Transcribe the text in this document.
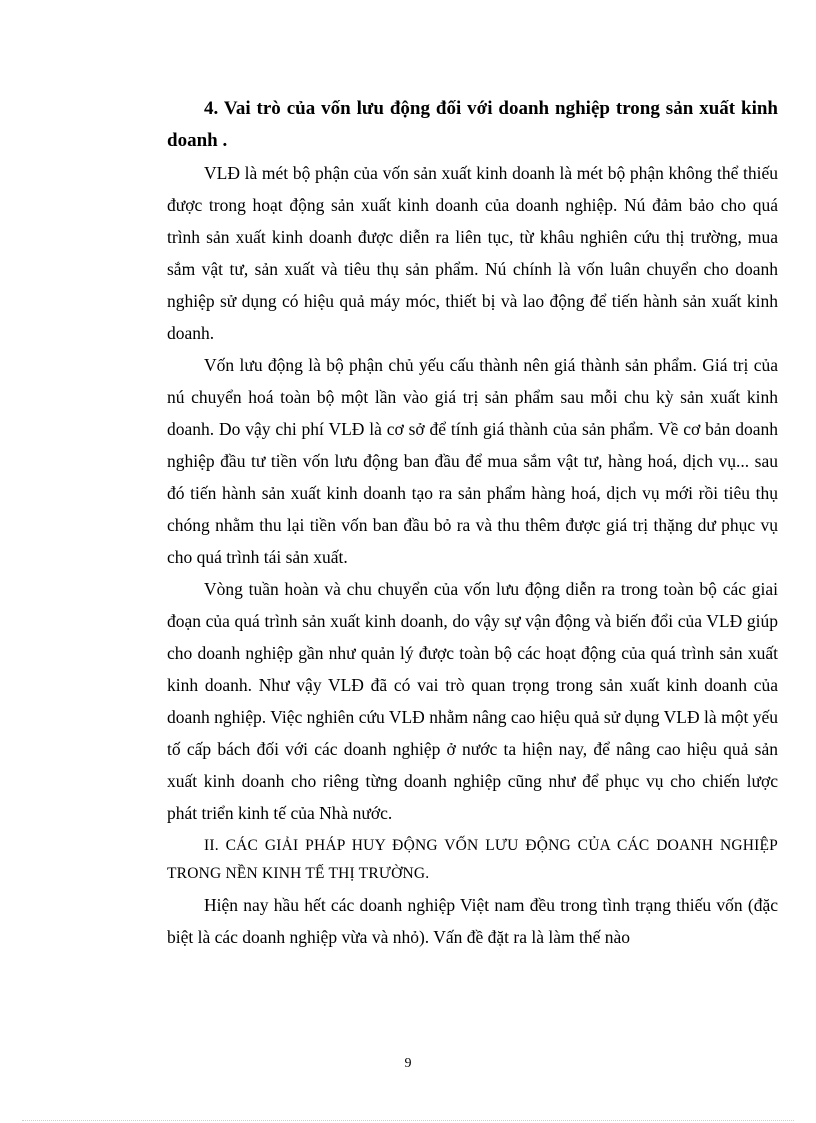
4. Vai trò của vốn lưu động đối với doanh nghiệp trong sản xuất kinh doanh .

VLĐ là mét bộ phận của vốn sản xuất kinh doanh là mét bộ phận không thể thiếu được trong hoạt động sản xuất kinh doanh của doanh nghiệp. Nú đảm bảo cho quá trình sản xuất kinh doanh được diễn ra liên tục, từ khâu nghiên cứu thị trường, mua sắm vật tư, sản xuất và tiêu thụ sản phẩm. Nú chính là vốn luân chuyển cho doanh nghiệp sử dụng có hiệu quả máy móc, thiết bị và lao động để tiến hành sản xuất kinh doanh.

Vốn lưu động là bộ phận chủ yếu cấu thành nên giá thành sản phẩm. Giá trị của nú chuyển hoá toàn bộ một lần vào giá trị sản phẩm sau mỗi chu kỳ sản xuất kinh doanh. Do vậy chi phí VLĐ là cơ sở để tính giá thành của sản phẩm. Về cơ bản doanh nghiệp đầu tư tiền vốn lưu động ban đầu để mua sắm vật tư, hàng hoá, dịch vụ... sau đó tiến hành sản xuất kinh doanh tạo ra sản phẩm hàng hoá, dịch vụ mới rồi tiêu thụ chóng nhằm thu lại tiền vốn ban đầu bỏ ra và thu thêm được giá trị thặng dư phục vụ cho quá trình tái sản xuất.

Vòng tuần hoàn và chu chuyển của vốn lưu động diễn ra trong toàn bộ các giai đoạn của quá trình sản xuất kinh doanh, do vậy sự vận động và biến đổi của VLĐ giúp cho doanh nghiệp gần như quản lý được toàn bộ các hoạt động của quá trình sản xuất kinh doanh. Như vậy VLĐ đã có vai trò quan trọng trong sản xuất kinh doanh của doanh nghiệp. Việc nghiên cứu VLĐ nhằm nâng cao hiệu quả sử dụng VLĐ là một yếu tố cấp bách đối với các doanh nghiệp ở nước ta hiện nay, để nâng cao hiệu quả sản xuất kinh doanh cho riêng từng doanh nghiệp cũng như để phục vụ cho chiến lược phát triển kinh tế của Nhà nước.

II. CÁC GIẢI PHÁP HUY ĐỘNG VỐN LƯU ĐỘNG CỦA CÁC DOANH NGHIỆP TRONG NỀN KINH TẾ THỊ TRƯỜNG.

Hiện nay hầu hết các doanh nghiệp Việt nam đều trong tình trạng thiếu vốn (đặc biệt là các doanh nghiệp vừa và nhỏ). Vấn đề đặt ra là làm thế nào

9
